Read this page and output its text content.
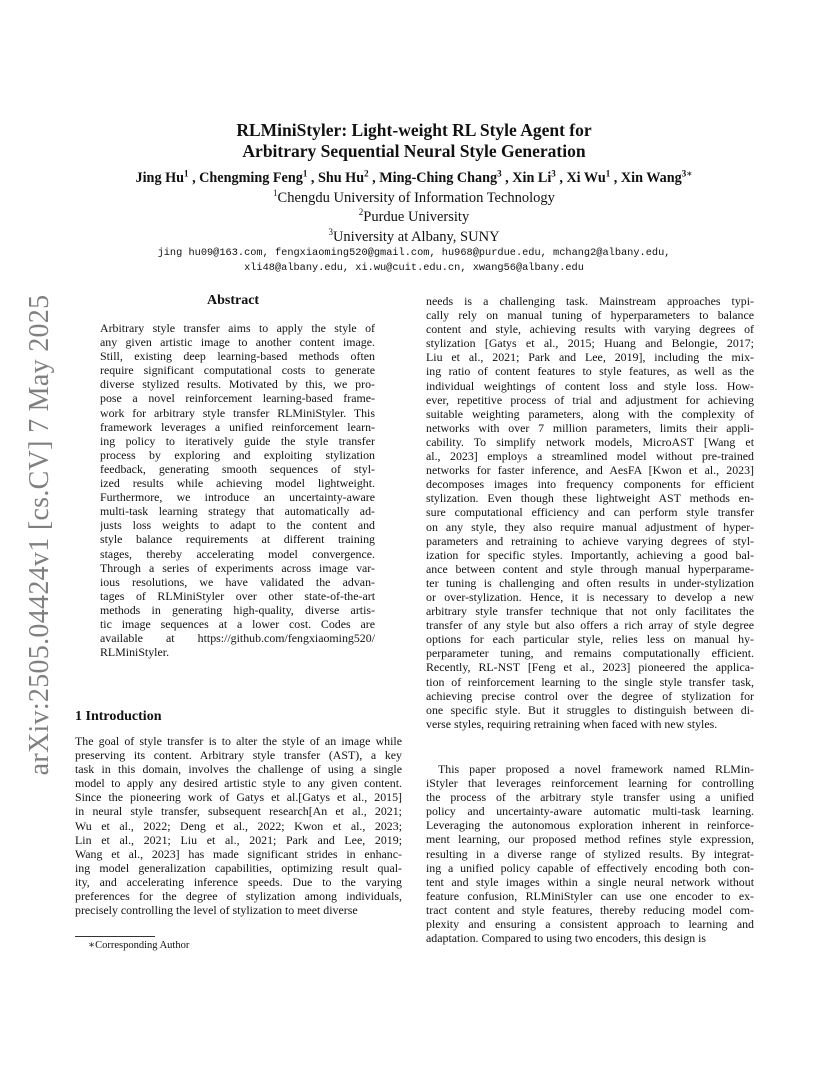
arXiv:2505.04424v1 [cs.CV] 7 May 2025
RLMiniStyler: Light-weight RL Style Agent for
Arbitrary Sequential Neural Style Generation
Jing Hu$^1$ , Chengming Feng$^1$ , Shu Hu$^2$ , Ming-Ching Chang$^3$ , Xin Li$^3$ , Xi Wu$^1$ , Xin Wang$^{3∗}$
$^1$Chengdu University of Information Technology
$^2$Purdue University
$^3$University at Albany, SUNY
jing hu09@163.com, fengxiaoming520@gmail.com, hu968@purdue.edu, mchang2@albany.edu,
xli48@albany.edu, xi.wu@cuit.edu.cn, xwang56@albany.edu
Abstract
Arbitrary style transfer aims to apply the style of
any given artistic image to another content image.
Still, existing deep learning-based methods often
require significant computational costs to generate
diverse stylized results. Motivated by this, we pro-
pose a novel reinforcement learning-based frame-
work for arbitrary style transfer RLMiniStyler. This
framework leverages a unified reinforcement learn-
ing policy to iteratively guide the style transfer
process by exploring and exploiting stylization
feedback, generating smooth sequences of styl-
ized results while achieving model lightweight.
Furthermore, we introduce an uncertainty-aware
multi-task learning strategy that automatically ad-
justs loss weights to adapt to the content and
style balance requirements at different training
stages, thereby accelerating model convergence.
Through a series of experiments across image var-
ious resolutions, we have validated the advan-
tages of RLMiniStyler over other state-of-the-art
methods in generating high-quality, diverse artis-
tic image sequences at a lower cost. Codes are
available at https://github.com/fengxiaoming520/
RLMiniStyler.
1 Introduction
The goal of style transfer is to alter the style of an image while
preserving its content. Arbitrary style transfer (AST), a key
task in this domain, involves the challenge of using a single
model to apply any desired artistic style to any given content.
Since the pioneering work of Gatys et al.[Gatys et al., 2015]
in neural style transfer, subsequent research[An et al., 2021;
Wu et al., 2022; Deng et al., 2022; Kwon et al., 2023;
Lin et al., 2021; Liu et al., 2021; Park and Lee, 2019;
Wang et al., 2023] has made significant strides in enhanc-
ing model generalization capabilities, optimizing result qual-
ity, and accelerating inference speeds. Due to the varying
preferences for the degree of stylization among individuals,
precisely controlling the level of stylization to meet diverse
needs is a challenging task. Mainstream approaches typi-
cally rely on manual tuning of hyperparameters to balance
content and style, achieving results with varying degrees of
stylization [Gatys et al., 2015; Huang and Belongie, 2017;
Liu et al., 2021; Park and Lee, 2019], including the mix-
ing ratio of content features to style features, as well as the
individual weightings of content loss and style loss. How-
ever, repetitive process of trial and adjustment for achieving
suitable weighting parameters, along with the complexity of
networks with over 7 million parameters, limits their appli-
cability. To simplify network models, MicroAST [Wang et
al., 2023] employs a streamlined model without pre-trained
networks for faster inference, and AesFA [Kwon et al., 2023]
decomposes images into frequency components for efficient
stylization. Even though these lightweight AST methods en-
sure computational efficiency and can perform style transfer
on any style, they also require manual adjustment of hyper-
parameters and retraining to achieve varying degrees of styl-
ization for specific styles. Importantly, achieving a good bal-
ance between content and style through manual hyperparame-
ter tuning is challenging and often results in under-stylization
or over-stylization. Hence, it is necessary to develop a new
arbitrary style transfer technique that not only facilitates the
transfer of any style but also offers a rich array of style degree
options for each particular style, relies less on manual hy-
perparameter tuning, and remains computationally efficient.
Recently, RL-NST [Feng et al., 2023] pioneered the applica-
tion of reinforcement learning to the single style transfer task,
achieving precise control over the degree of stylization for
one specific style. But it struggles to distinguish between di-
verse styles, requiring retraining when faced with new styles.
This paper proposed a novel framework named RLMin-
iStyler that leverages reinforcement learning for controlling
the process of the arbitrary style transfer using a unified
policy and uncertainty-aware automatic multi-task learning.
Leveraging the autonomous exploration inherent in reinforce-
ment learning, our proposed method refines style expression,
resulting in a diverse range of stylized results. By integrat-
ing a unified policy capable of effectively encoding both con-
tent and style images within a single neural network without
feature confusion, RLMiniStyler can use one encoder to ex-
tract content and style features, thereby reducing model com-
plexity and ensuring a consistent approach to learning and
adaptation. Compared to using two encoders, this design is
∗Corresponding Author
